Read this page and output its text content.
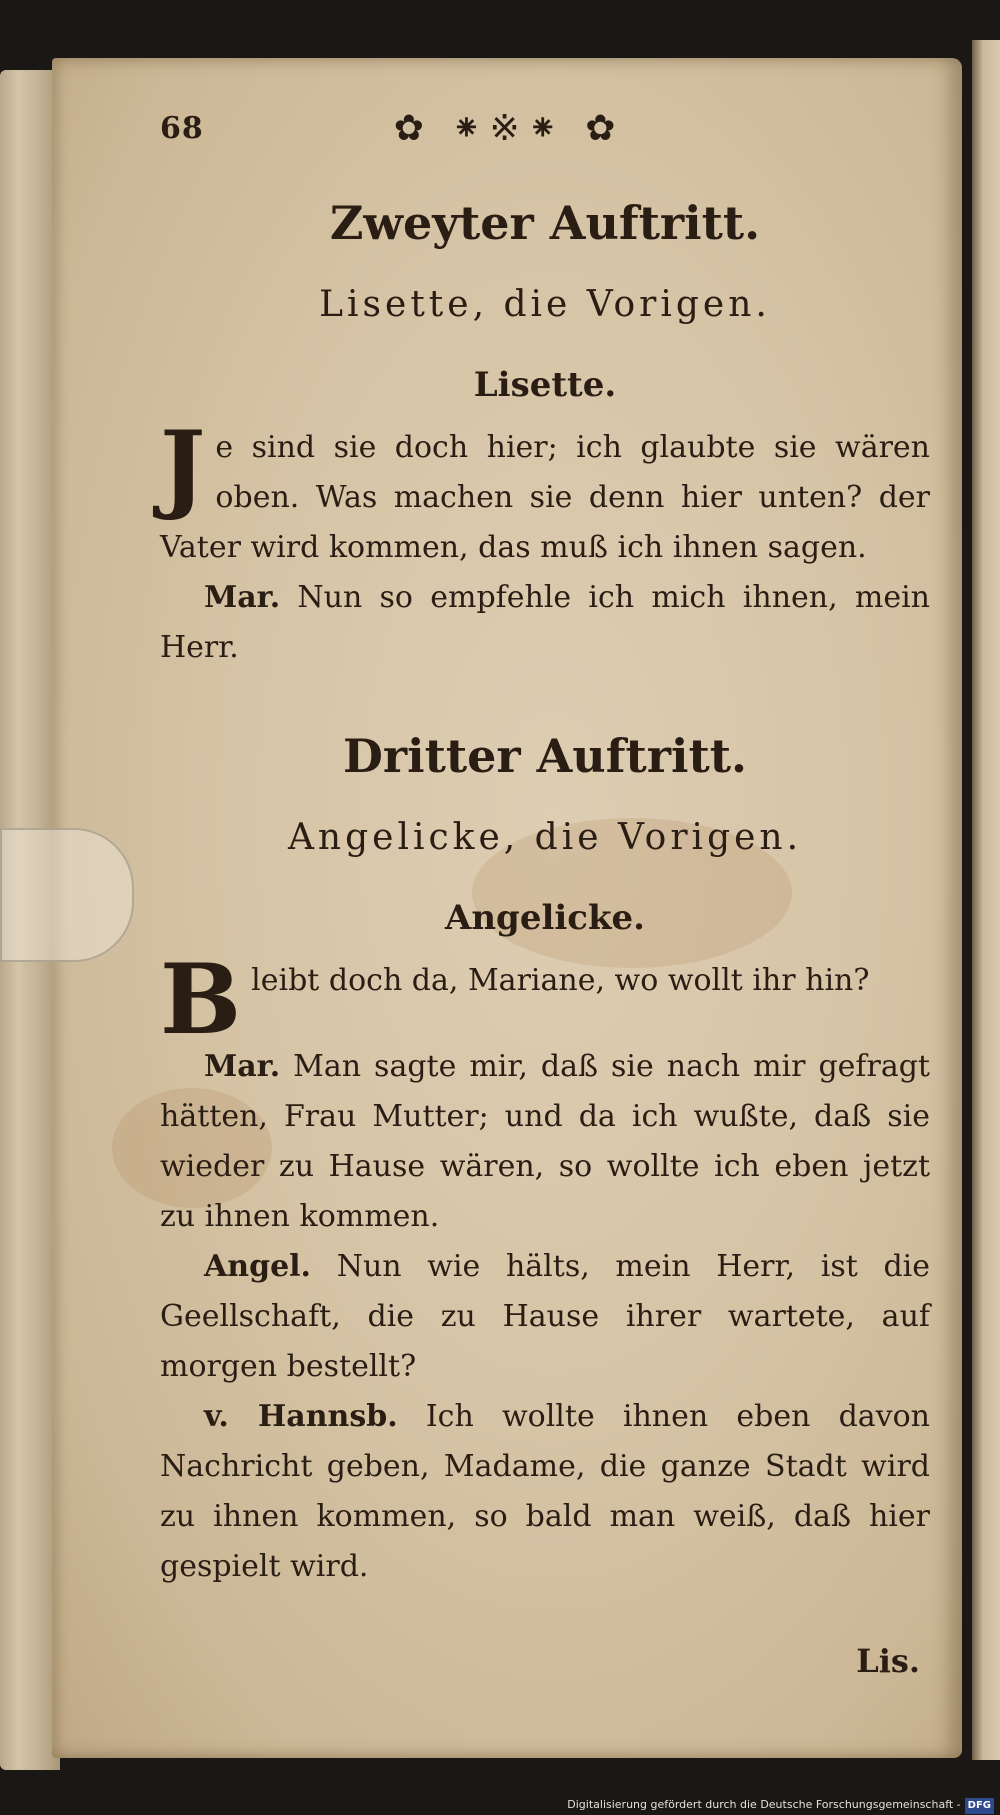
68	✿ ⁕※⁕ ✿
Zweyter Auftritt.
Lisette, die Vorigen.
Lisette.

Je sind sie doch hier; ich glaubte sie wären oben. Was machen sie denn hier unten? der Vater wird kommen, das muß ich ihnen sagen.

Mar. Nun so empfehle ich mich ihnen, mein Herr.

Dritter Auftritt.
Angelicke, die Vorigen.
Angelicke.

Bleibt doch da, Mariane, wo wollt ihr hin?

Mar. Man sagte mir, daß sie nach mir gefragt hätten, Frau Mutter; und da ich wußte, daß sie wieder zu Hause wären, so wollte ich eben jetzt zu ihnen kommen.

Angel. Nun wie hälts, mein Herr, ist die Geellschaft, die zu Hause ihrer wartete, auf morgen bestellt?

v. Hannsb. Ich wollte ihnen eben davon Nachricht geben, Madame, die ganze Stadt wird zu ihnen kommen, so bald man weiß, daß hier gespielt wird.

Lis.
Digitalisierung gefördert durch die Deutsche Forschungsgemeinschaft - DFG
